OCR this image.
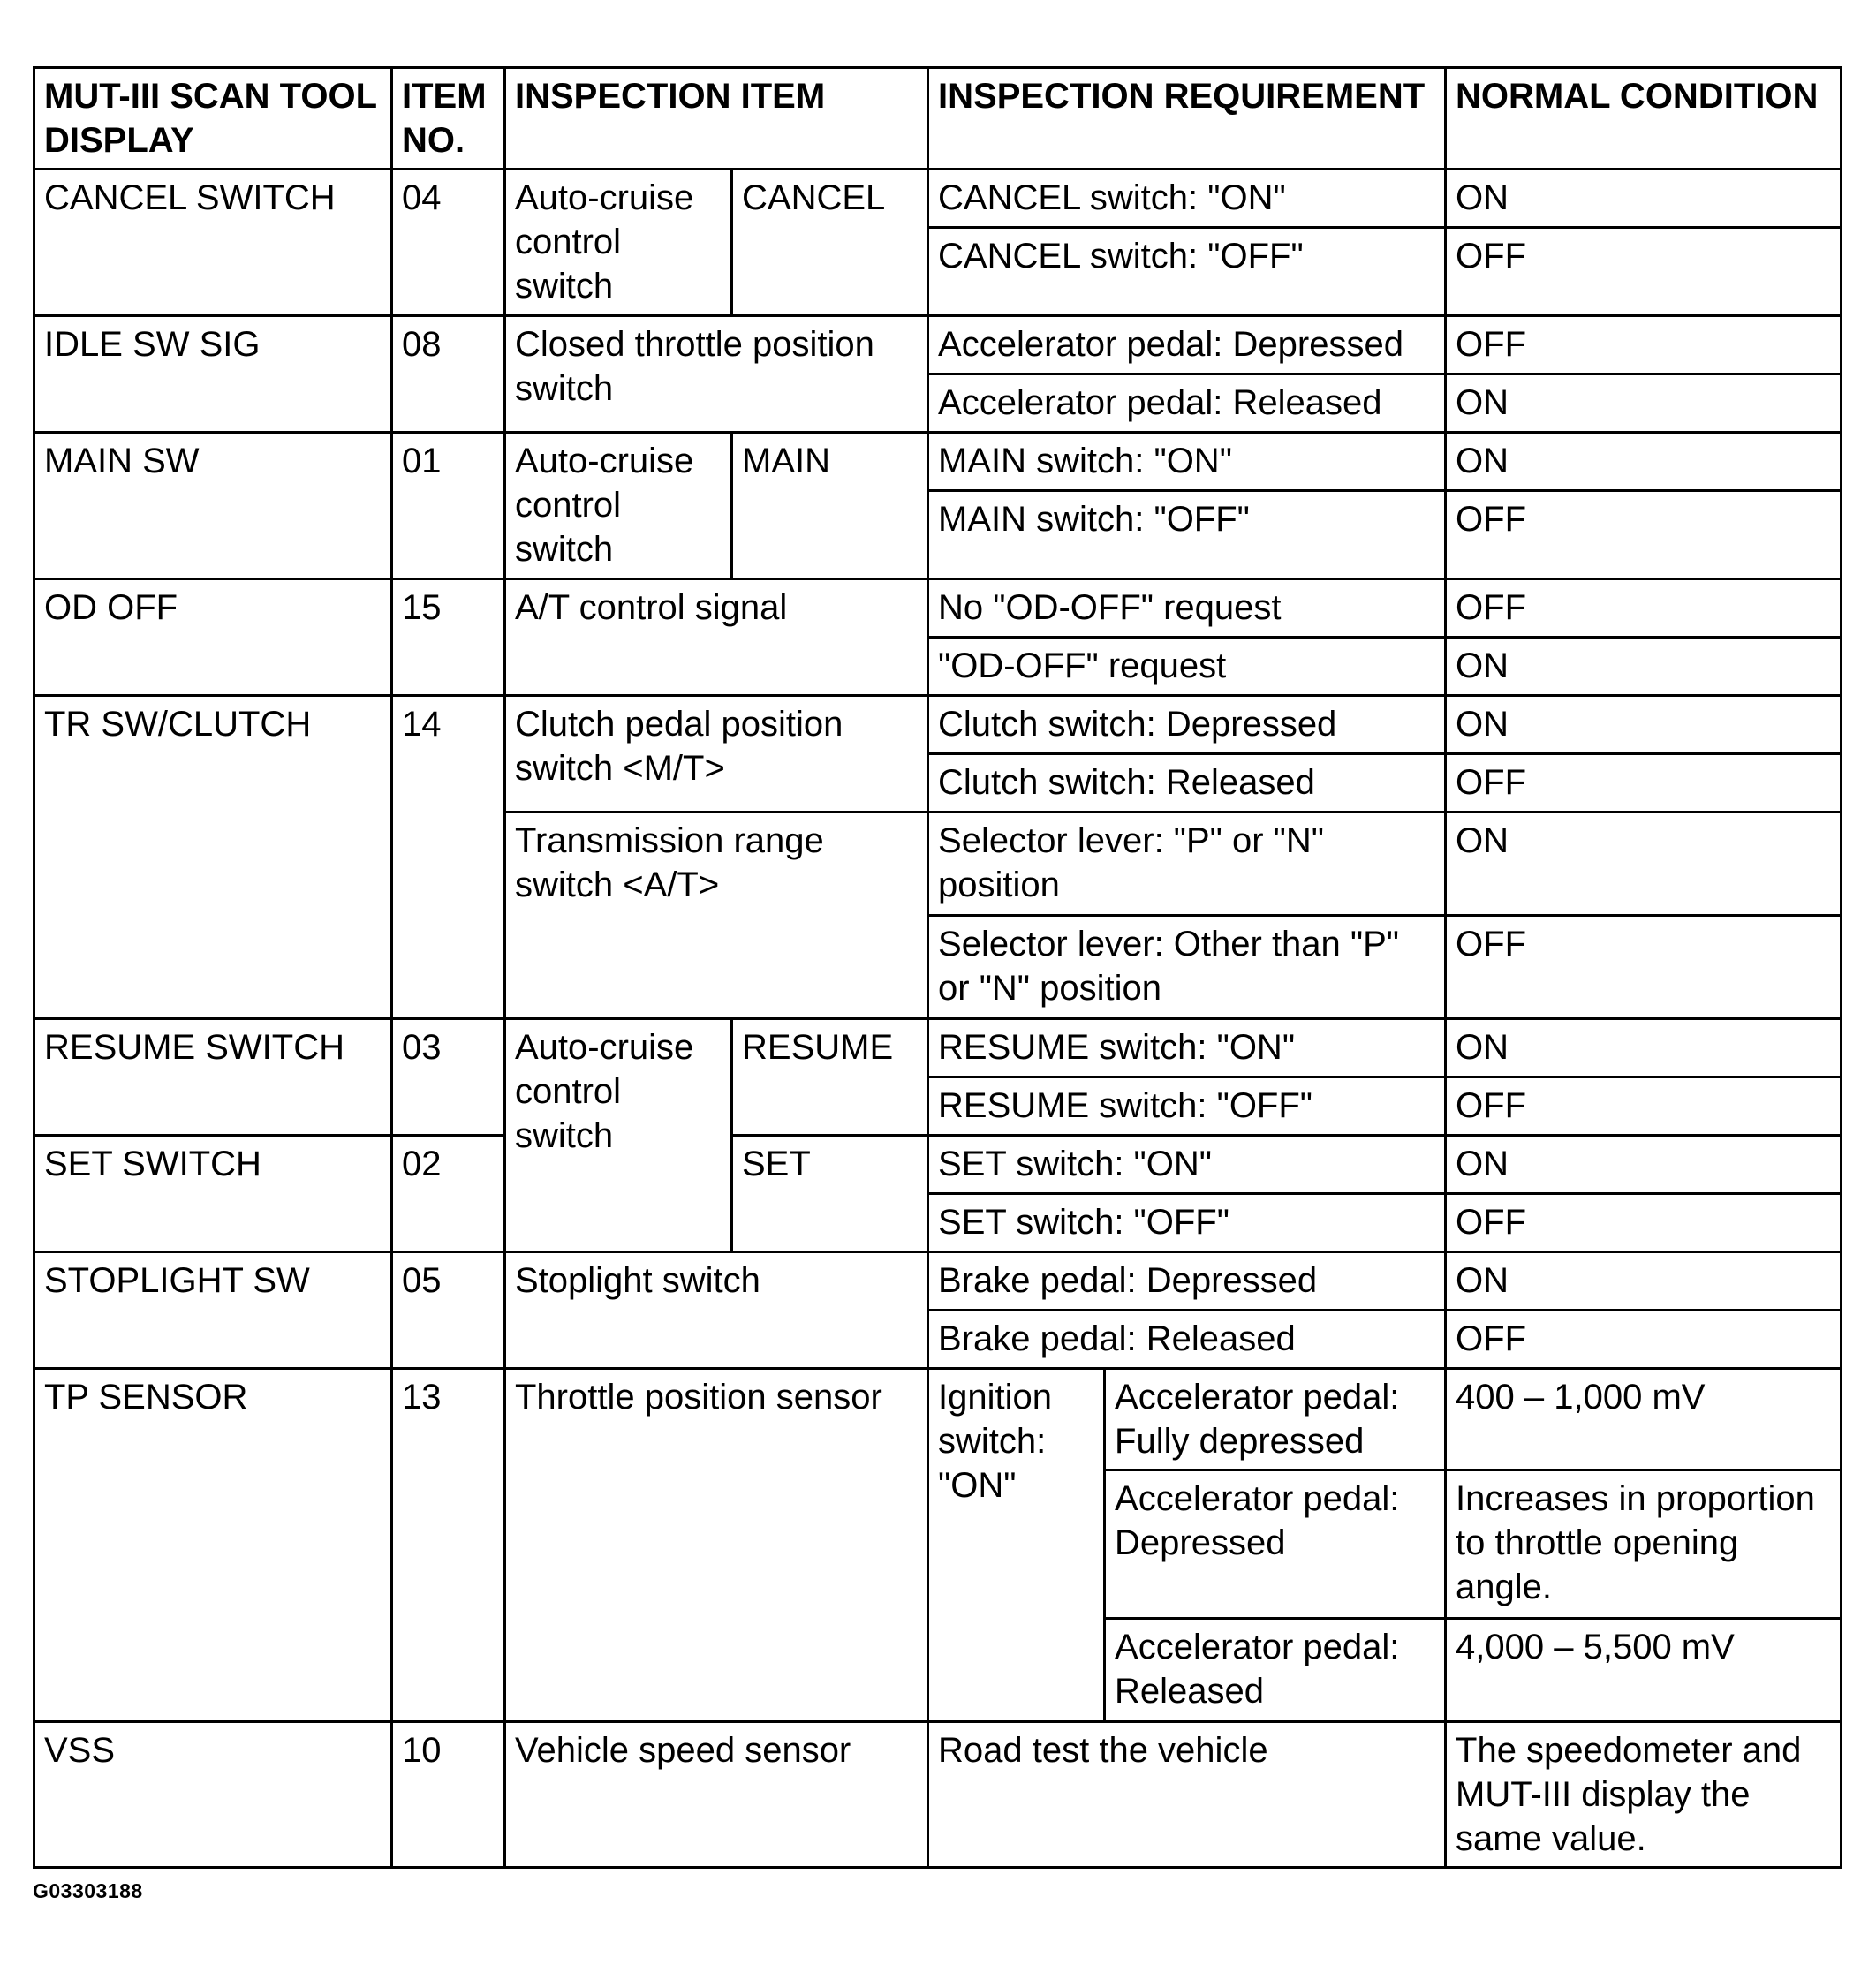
MUT-III SCAN TOOL DISPLAY	ITEM NO.	INSPECTION ITEM		INSPECTION REQUIREMENT		NORMAL CONDITION
CANCEL SWITCH	04	Auto-cruise control switch	CANCEL	CANCEL switch: "ON"		ON
				CANCEL switch: "OFF"		OFF
IDLE SW SIG	08	Closed throttle position switch		Accelerator pedal: Depressed		OFF
				Accelerator pedal: Released		ON
MAIN SW	01	Auto-cruise control switch	MAIN	MAIN switch: "ON"		ON
				MAIN switch: "OFF"		OFF
OD OFF	15	A/T control signal		No "OD-OFF" request		OFF
				"OD-OFF" request		ON
TR SW/CLUTCH	14	Clutch pedal position switch <M/T>		Clutch switch: Depressed		ON
				Clutch switch: Released		OFF
		Transmission range switch <A/T>		Selector lever: "P" or "N" position		ON
				Selector lever: Other than "P" or "N" position		OFF
RESUME SWITCH	03	Auto-cruise control switch	RESUME	RESUME switch: "ON"		ON
				RESUME switch: "OFF"		OFF
SET SWITCH	02		SET	SET switch: "ON"		ON
				SET switch: "OFF"		OFF
STOPLIGHT SW	05	Stoplight switch		Brake pedal: Depressed		ON
				Brake pedal: Released		OFF
TP SENSOR	13	Throttle position sensor		Ignition switch: "ON"	Accelerator pedal: Fully depressed	400 – 1,000 mV
					Accelerator pedal: Depressed	Increases in proportion to throttle opening angle.
					Accelerator pedal: Released	4,000 – 5,500 mV
VSS	10	Vehicle speed sensor		Road test the vehicle		The speedometer and MUT-III display the same value.
G03303188
